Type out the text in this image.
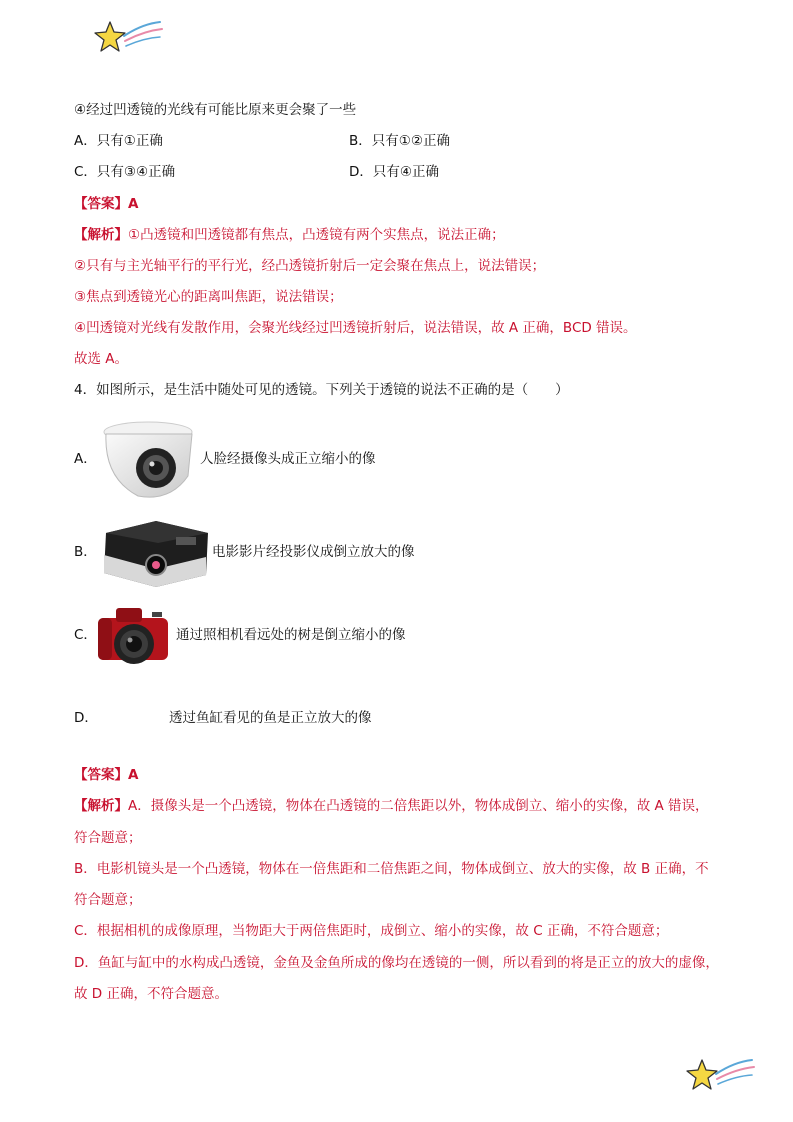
④经过凹透镜的光线有可能比原来更会聚了一些
A．只有①正确	B．只有①②正确
C．只有③④正确	D．只有④正确
【答案】A
【解析】①凸透镜和凹透镜都有焦点，凸透镜有两个实焦点，说法正确；
②只有与主光轴平行的平行光，经凸透镜折射后一定会聚在焦点上，说法错误；
③焦点到透镜光心的距离叫焦距，说法错误；
④凹透镜对光线有发散作用，会聚光线经过凹透镜折射后，说法错误，故 A 正确，BCD 错误。
故选 A。
4．如图所示，是生活中随处可见的透镜。下列关于透镜的说法不正确的是（　　）
A．	人脸经摄像头成正立缩小的像
B．	电影影片经投影仪成倒立放大的像
C．	通过照相机看远处的树是倒立缩小的像
D．	透过鱼缸看见的鱼是正立放大的像
【答案】A
【解析】A．摄像头是一个凸透镜，物体在凸透镜的二倍焦距以外，物体成倒立、缩小的实像，故 A 错误，
符合题意；
B．电影机镜头是一个凸透镜，物体在一倍焦距和二倍焦距之间，物体成倒立、放大的实像，故 B 正确，不
符合题意；
C．根据相机的成像原理，当物距大于两倍焦距时，成倒立、缩小的实像，故 C 正确，不符合题意；
D．鱼缸与缸中的水构成凸透镜，金鱼及金鱼所成的像均在透镜的一侧，所以看到的将是正立的放大的虚像，
故 D 正确，不符合题意。
